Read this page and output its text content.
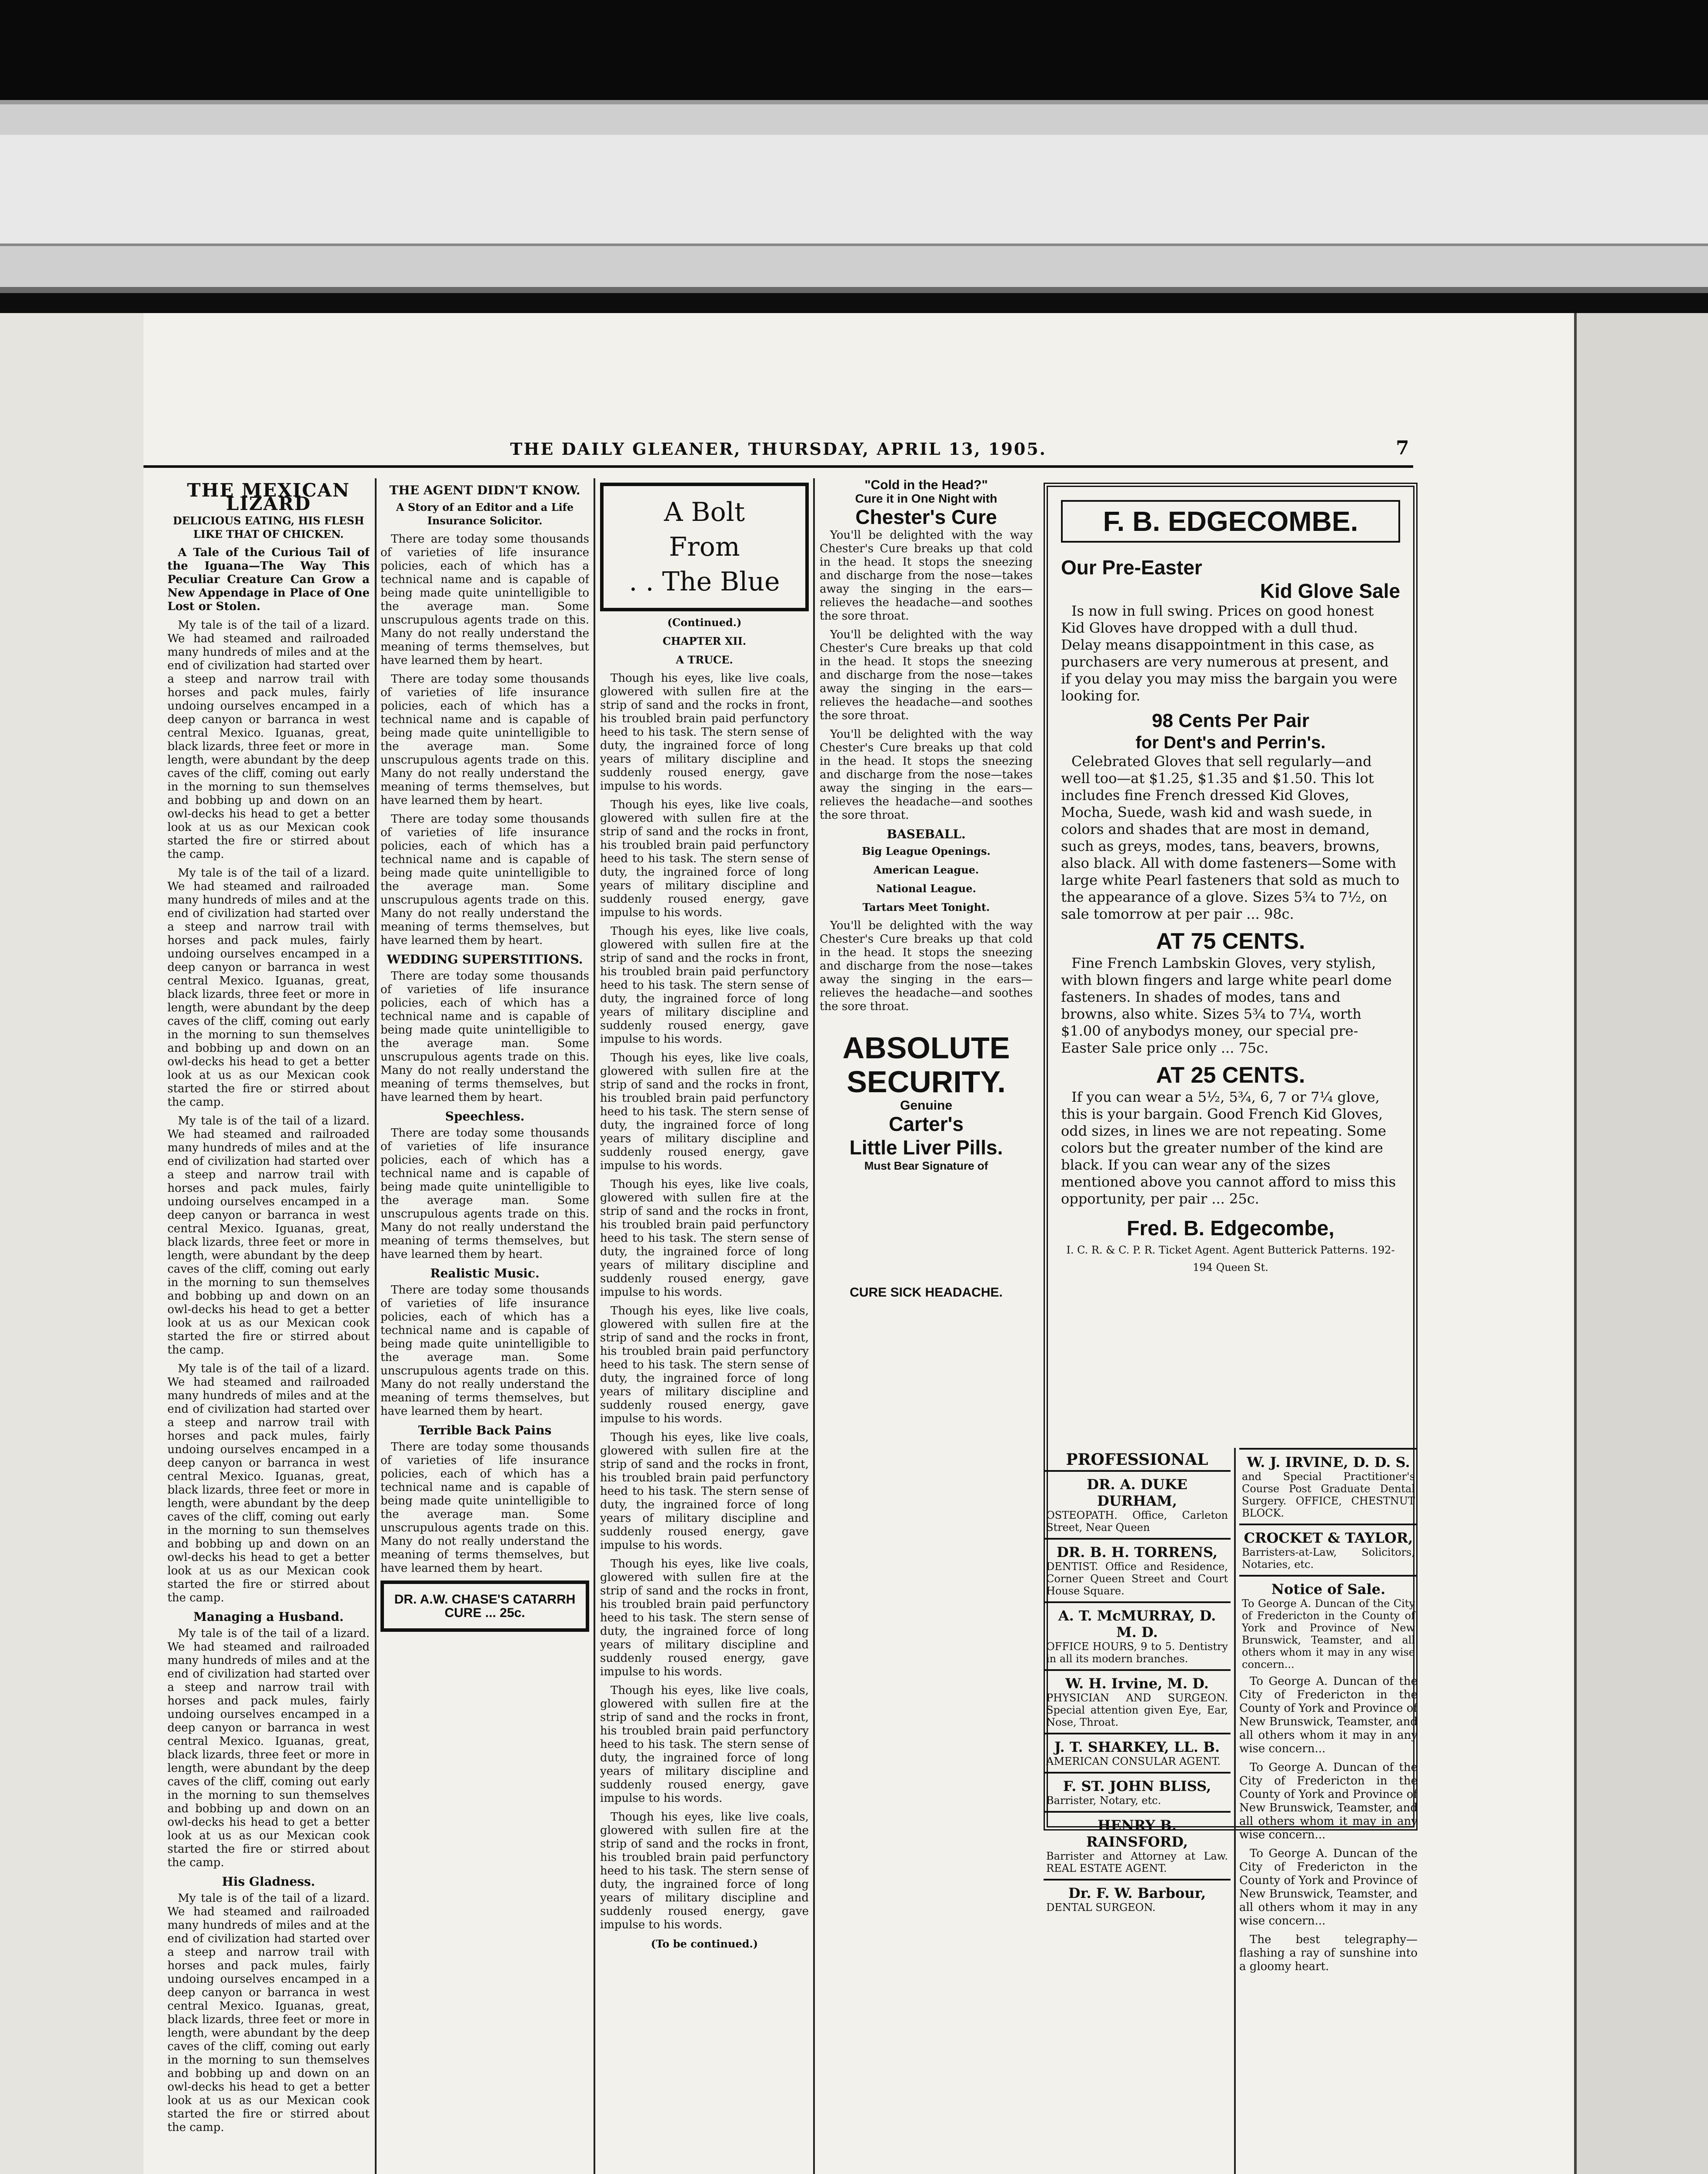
THE DAILY GLEANER, THURSDAY, APRIL 13, 1905.	7
THE MEXICAN LIZARD
DELICIOUS EATING, HIS FLESH LIKE THAT OF CHICKEN.

A Tale of the Curious Tail of the Iguana—The Way This Peculiar Creature Can Grow a New Appendage in Place of One Lost or Stolen.

My tale is of the tail of a lizard. We had steamed and railroaded many hundreds of miles and at the end of civilization had started over a steep and narrow trail with horses and pack mules, fairly undoing ourselves encamped in a deep canyon or barranca in west central Mexico. Iguanas, great, black lizards, three feet or more in length, were abundant by the deep caves of the cliff, coming out early in the morning to sun themselves and bobbing up and down on an owl-decks his head to get a better look at us as our Mexican cook started the fire or stirred about the camp.

My tale is of the tail of a lizard. We had steamed and railroaded many hundreds of miles and at the end of civilization had started over a steep and narrow trail with horses and pack mules, fairly undoing ourselves encamped in a deep canyon or barranca in west central Mexico. Iguanas, great, black lizards, three feet or more in length, were abundant by the deep caves of the cliff, coming out early in the morning to sun themselves and bobbing up and down on an owl-decks his head to get a better look at us as our Mexican cook started the fire or stirred about the camp.

My tale is of the tail of a lizard. We had steamed and railroaded many hundreds of miles and at the end of civilization had started over a steep and narrow trail with horses and pack mules, fairly undoing ourselves encamped in a deep canyon or barranca in west central Mexico. Iguanas, great, black lizards, three feet or more in length, were abundant by the deep caves of the cliff, coming out early in the morning to sun themselves and bobbing up and down on an owl-decks his head to get a better look at us as our Mexican cook started the fire or stirred about the camp.

My tale is of the tail of a lizard. We had steamed and railroaded many hundreds of miles and at the end of civilization had started over a steep and narrow trail with horses and pack mules, fairly undoing ourselves encamped in a deep canyon or barranca in west central Mexico. Iguanas, great, black lizards, three feet or more in length, were abundant by the deep caves of the cliff, coming out early in the morning to sun themselves and bobbing up and down on an owl-decks his head to get a better look at us as our Mexican cook started the fire or stirred about the camp.

Managing a Husband.

My tale is of the tail of a lizard. We had steamed and railroaded many hundreds of miles and at the end of civilization had started over a steep and narrow trail with horses and pack mules, fairly undoing ourselves encamped in a deep canyon or barranca in west central Mexico. Iguanas, great, black lizards, three feet or more in length, were abundant by the deep caves of the cliff, coming out early in the morning to sun themselves and bobbing up and down on an owl-decks his head to get a better look at us as our Mexican cook started the fire or stirred about the camp.

His Gladness.

My tale is of the tail of a lizard. We had steamed and railroaded many hundreds of miles and at the end of civilization had started over a steep and narrow trail with horses and pack mules, fairly undoing ourselves encamped in a deep canyon or barranca in west central Mexico. Iguanas, great, black lizards, three feet or more in length, were abundant by the deep caves of the cliff, coming out early in the morning to sun themselves and bobbing up and down on an owl-decks his head to get a better look at us as our Mexican cook started the fire or stirred about the camp.

THE AGENT DIDN'T KNOW.
A Story of an Editor and a Life Insurance Solicitor.

There are today some thousands of varieties of life insurance policies, each of which has a technical name and is capable of being made quite unintelligible to the average man. Some unscrupulous agents trade on this. Many do not really understand the meaning of terms themselves, but have learned them by heart.

There are today some thousands of varieties of life insurance policies, each of which has a technical name and is capable of being made quite unintelligible to the average man. Some unscrupulous agents trade on this. Many do not really understand the meaning of terms themselves, but have learned them by heart.

There are today some thousands of varieties of life insurance policies, each of which has a technical name and is capable of being made quite unintelligible to the average man. Some unscrupulous agents trade on this. Many do not really understand the meaning of terms themselves, but have learned them by heart.

WEDDING SUPERSTITIONS.

There are today some thousands of varieties of life insurance policies, each of which has a technical name and is capable of being made quite unintelligible to the average man. Some unscrupulous agents trade on this. Many do not really understand the meaning of terms themselves, but have learned them by heart.

Speechless.

There are today some thousands of varieties of life insurance policies, each of which has a technical name and is capable of being made quite unintelligible to the average man. Some unscrupulous agents trade on this. Many do not really understand the meaning of terms themselves, but have learned them by heart.

Realistic Music.

There are today some thousands of varieties of life insurance policies, each of which has a technical name and is capable of being made quite unintelligible to the average man. Some unscrupulous agents trade on this. Many do not really understand the meaning of terms themselves, but have learned them by heart.

Terrible Back Pains

There are today some thousands of varieties of life insurance policies, each of which has a technical name and is capable of being made quite unintelligible to the average man. Some unscrupulous agents trade on this. Many do not really understand the meaning of terms themselves, but have learned them by heart.

DR. A.W. CHASE'S CATARRH CURE ... 25c.
A Bolt
From
. . The Blue
(Continued.)
CHAPTER XII.
A TRUCE.

Though his eyes, like live coals, glowered with sullen fire at the strip of sand and the rocks in front, his troubled brain paid perfunctory heed to his task. The stern sense of duty, the ingrained force of long years of military discipline and suddenly roused energy, gave impulse to his words.

Though his eyes, like live coals, glowered with sullen fire at the strip of sand and the rocks in front, his troubled brain paid perfunctory heed to his task. The stern sense of duty, the ingrained force of long years of military discipline and suddenly roused energy, gave impulse to his words.

Though his eyes, like live coals, glowered with sullen fire at the strip of sand and the rocks in front, his troubled brain paid perfunctory heed to his task. The stern sense of duty, the ingrained force of long years of military discipline and suddenly roused energy, gave impulse to his words.

Though his eyes, like live coals, glowered with sullen fire at the strip of sand and the rocks in front, his troubled brain paid perfunctory heed to his task. The stern sense of duty, the ingrained force of long years of military discipline and suddenly roused energy, gave impulse to his words.

Though his eyes, like live coals, glowered with sullen fire at the strip of sand and the rocks in front, his troubled brain paid perfunctory heed to his task. The stern sense of duty, the ingrained force of long years of military discipline and suddenly roused energy, gave impulse to his words.

Though his eyes, like live coals, glowered with sullen fire at the strip of sand and the rocks in front, his troubled brain paid perfunctory heed to his task. The stern sense of duty, the ingrained force of long years of military discipline and suddenly roused energy, gave impulse to his words.

Though his eyes, like live coals, glowered with sullen fire at the strip of sand and the rocks in front, his troubled brain paid perfunctory heed to his task. The stern sense of duty, the ingrained force of long years of military discipline and suddenly roused energy, gave impulse to his words.

Though his eyes, like live coals, glowered with sullen fire at the strip of sand and the rocks in front, his troubled brain paid perfunctory heed to his task. The stern sense of duty, the ingrained force of long years of military discipline and suddenly roused energy, gave impulse to his words.

Though his eyes, like live coals, glowered with sullen fire at the strip of sand and the rocks in front, his troubled brain paid perfunctory heed to his task. The stern sense of duty, the ingrained force of long years of military discipline and suddenly roused energy, gave impulse to his words.

Though his eyes, like live coals, glowered with sullen fire at the strip of sand and the rocks in front, his troubled brain paid perfunctory heed to his task. The stern sense of duty, the ingrained force of long years of military discipline and suddenly roused energy, gave impulse to his words.

(To be continued.)
"Cold in the Head?"
Cure it in One Night with
Chester's Cure

You'll be delighted with the way Chester's Cure breaks up that cold in the head. It stops the sneezing and discharge from the nose—takes away the singing in the ears—relieves the headache—and soothes the sore throat.

You'll be delighted with the way Chester's Cure breaks up that cold in the head. It stops the sneezing and discharge from the nose—takes away the singing in the ears—relieves the headache—and soothes the sore throat.

You'll be delighted with the way Chester's Cure breaks up that cold in the head. It stops the sneezing and discharge from the nose—takes away the singing in the ears—relieves the headache—and soothes the sore throat.

BASEBALL.
Big League Openings.
American League.
National League.
Tartars Meet Tonight.

You'll be delighted with the way Chester's Cure breaks up that cold in the head. It stops the sneezing and discharge from the nose—takes away the singing in the ears—relieves the headache—and soothes the sore throat.

ABSOLUTE
SECURITY.
Genuine
Carter's
Little Liver Pills.
Must Bear Signature of
CURE SICK HEADACHE.
F. B. EDGECOMBE.
Our Pre-Easter
Kid Glove Sale

Is now in full swing. Prices on good honest Kid Gloves have dropped with a dull thud. Delay means disappointment in this case, as purchasers are very numerous at present, and if you delay you may miss the bargain you were looking for.

98 Cents Per Pair
for Dent's and Perrin's.

Celebrated Gloves that sell regularly—and well too—at $1.25, $1.35 and $1.50. This lot includes fine French dressed Kid Gloves, Mocha, Suede, wash kid and wash suede, in colors and shades that are most in demand, such as greys, modes, tans, beavers, browns, also black. All with dome fasteners—Some with large white Pearl fasteners that sold as much to the appearance of a glove. Sizes 5¾ to 7½, on sale tomorrow at per pair ... 98c.

AT 75 CENTS.

Fine French Lambskin Gloves, very stylish, with blown fingers and large white pearl dome fasteners. In shades of modes, tans and browns, also white. Sizes 5¾ to 7¼, worth $1.00 of anybodys money, our special pre-Easter Sale price only ... 75c.

AT 25 CENTS.

If you can wear a 5½, 5¾, 6, 7 or 7¼ glove, this is your bargain. Good French Kid Gloves, odd sizes, in lines we are not repeating. Some colors but the greater number of the kind are black. If you can wear any of the sizes mentioned above you cannot afford to miss this opportunity, per pair ... 25c.

Fred. B. Edgecombe,
I. C. R. & C. P. R. Ticket Agent. Agent Butterick Patterns. 192-194 Queen St.
PROFESSIONAL
DR. A. DUKE DURHAM,
OSTEOPATH. Office, Carleton Street, Near Queen
DR. B. H. TORRENS,
DENTIST. Office and Residence, Corner Queen Street and Court House Square.
A. T. McMURRAY, D. M. D.
OFFICE HOURS, 9 to 5. Dentistry in all its modern branches.
W. H. Irvine, M. D.
PHYSICIAN AND SURGEON. Special attention given Eye, Ear, Nose, Throat.
J. T. SHARKEY, LL. B.
AMERICAN CONSULAR AGENT.
F. ST. JOHN BLISS,
Barrister, Notary, etc.
HENRY B. RAINSFORD,
Barrister and Attorney at Law. REAL ESTATE AGENT.
Dr. F. W. Barbour,
DENTAL SURGEON.
W. J. IRVINE, D. D. S.
and Special Practitioner's Course Post Graduate Dental Surgery. OFFICE, CHESTNUT BLOCK.
CROCKET & TAYLOR,
Barristers-at-Law, Solicitors, Notaries, etc.
Notice of Sale.
To George A. Duncan of the City of Fredericton in the County of York and Province of New Brunswick, Teamster, and all others whom it may in any wise concern...

To George A. Duncan of the City of Fredericton in the County of York and Province of New Brunswick, Teamster, and all others whom it may in any wise concern...

To George A. Duncan of the City of Fredericton in the County of York and Province of New Brunswick, Teamster, and all others whom it may in any wise concern...

To George A. Duncan of the City of Fredericton in the County of York and Province of New Brunswick, Teamster, and all others whom it may in any wise concern...

The best telegraphy—flashing a ray of sunshine into a gloomy heart.
